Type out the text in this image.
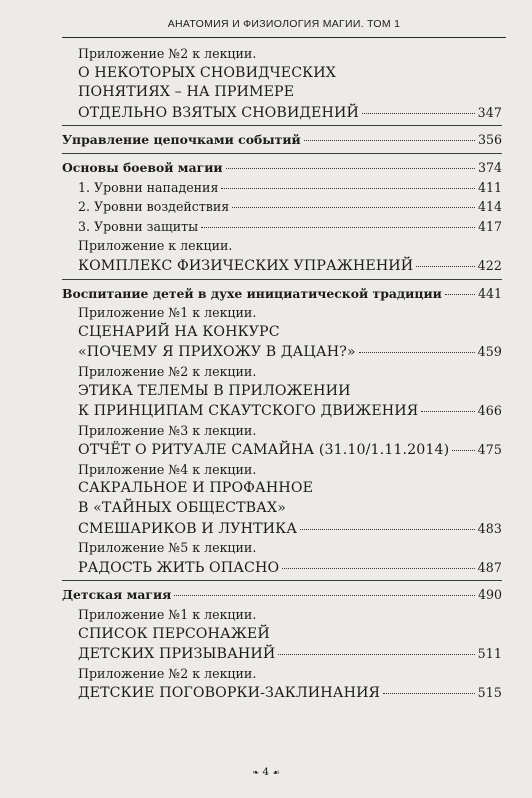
АНАТОМИЯ И ФИЗИОЛОГИЯ МАГИИ. ТОМ 1
Приложение №2 к лекции.
О НЕКОТОРЫХ СНОВИДЧЕСКИХ
ПОНЯТИЯХ – НА ПРИМЕРЕ
ОТДЕЛЬНО ВЗЯТЫХ СНОВИДЕНИЙ	347
Управление цепочками событий	356
Основы боевой магии	374
1. Уровни нападения	411
2. Уровни воздействия	414
3. Уровни защиты	417
Приложение к лекции.
КОМПЛЕКС ФИЗИЧЕСКИХ УПРАЖНЕНИЙ	422
Воспитание детей в духе инициатической традиции	441
Приложение №1 к лекции.
СЦЕНАРИЙ НА КОНКУРС
«ПОЧЕМУ Я ПРИХОЖУ В ДАЦАН?»	459
Приложение №2 к лекции.
ЭТИКА ТЕЛЕМЫ В ПРИЛОЖЕНИИ
К ПРИНЦИПАМ СКАУТСКОГО ДВИЖЕНИЯ	466
Приложение №3 к лекции.
ОТЧЁТ О РИТУАЛЕ САМАЙНА (31.10/1.11.2014) 475
Приложение №4 к лекции.
САКРАЛЬНОЕ И ПРОФАННОЕ
В «ТАЙНЫХ ОБЩЕСТВАХ»
СМЕШАРИКОВ И ЛУНТИКА	483
Приложение №5 к лекции.
РАДОСТЬ ЖИТЬ ОПАСНО	487
Детская магия	490
Приложение №1 к лекции.
СПИСОК ПЕРСОНАЖЕЙ
ДЕТСКИХ ПРИЗЫВАНИЙ	511
Приложение №2 к лекции.
ДЕТСКИЕ ПОГОВОРКИ-ЗАКЛИНАНИЯ	515
❧ 4 ☙
